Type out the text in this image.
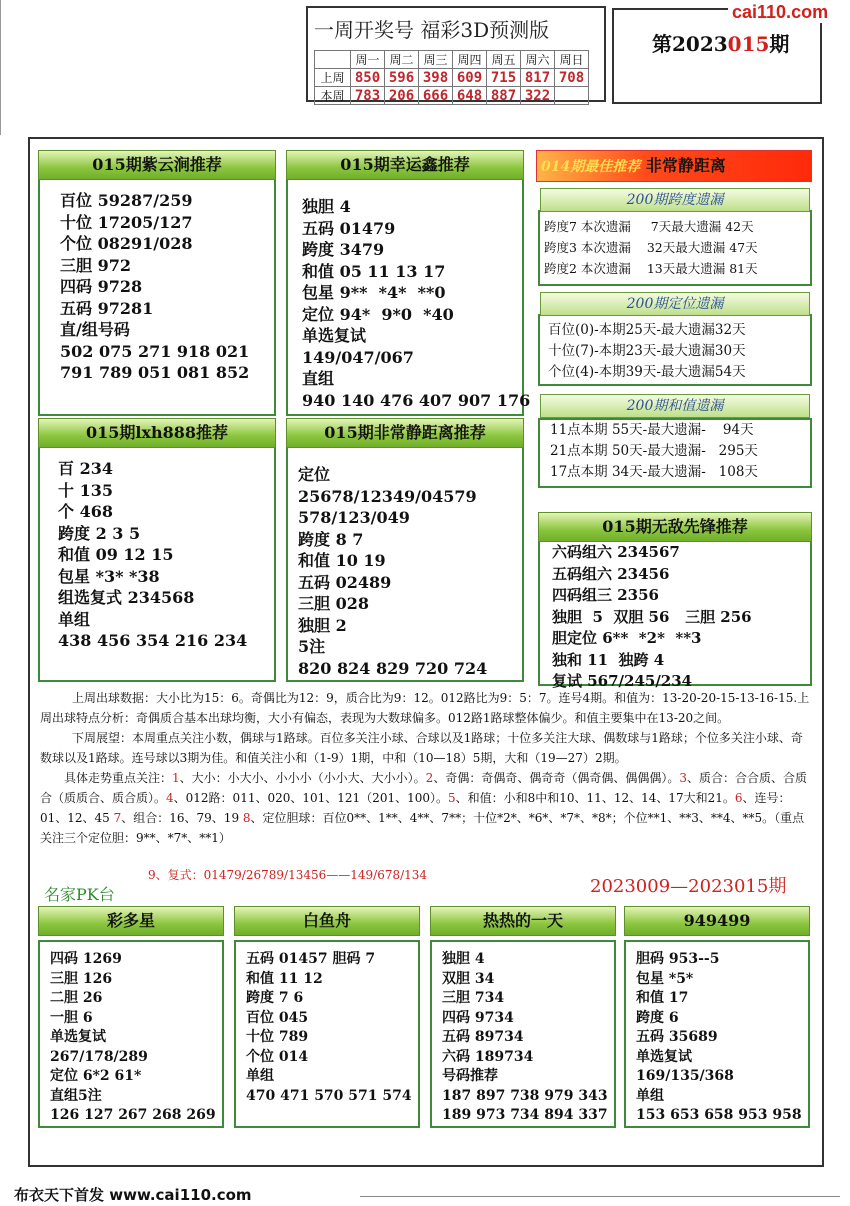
一周开奖号 福彩3D预测版
	周一	周二	周三	周四	周五	周六	周日
上周	850	596	398	609	715	817	708
本周	783	206	666	648	887	322	
第2023015期
cai110.com
015期紫云涧推荐
百位 59287/259
十位 17205/127
个位 08291/028
三胆 972
四码 9728
五码 97281
直/组号码
502 075 271 918 021
791 789 051 081 852
015期幸运鑫推荐
独胆 4
五码 01479
跨度 3479
和值 05 11 13 17
包星 9**  *4*  **0
定位 94*  9*0  *40
单选复试
149/047/067
直组
940 140 476 407 907 176
015期lxh888推荐
百 234
十 135
个 468
跨度 2 3 5
和值 09 12 15
包星 *3* *38
组选复式 234568
单组
438 456 354 216 234
015期非常静距离推荐
定位
25678/12349/04579
578/123/049
跨度 8 7
和值 10 19
五码 02489
三胆 028
独胆 2
5注
820 824 829 720 724
014期最佳推荐 非常静距离
200期跨度遗漏
跨度7 本次遗漏     7天最大遗漏 42天
跨度3 本次遗漏    32天最大遗漏 47天
跨度2 本次遗漏    13天最大遗漏 81天
200期定位遗漏
百位(0)-本期25天-最大遗漏32天
十位(7)-本期23天-最大遗漏30天
个位(4)-本期39天-最大遗漏54天
200期和值遗漏
11点本期 55天-最大遗漏-    94天
21点本期 50天-最大遗漏-   295天
17点本期 34天-最大遗漏-   108天
015期无敌先锋推荐
六码组六 234567
五码组六 23456
四码组三 2356
独胆  5  双胆 56   三胆 256
胆定位 6**  *2*  **3
独和 11  独跨 4
复试 567/245/234

上周出球数据：大小比为15：6。奇偶比为12：9，质合比为9：12。012路比为9：5：7。连号4期。和值为：13-20-20-15-13-16-15.上周出球特点分析：奇偶质合基本出球均衡，大小有偏态，表现为大数球偏多。012路1路球整体偏少。和值主要集中在13-20之间。

下周展望：本周重点关注小数，偶球与1路球。百位多关注小球、合球以及1路球；十位多关注大球、偶数球与1路球；个位多关注小球、奇数球以及1路球。连号球以3期为佳。和值关注小和（1-9）1期，中和（10—18）5期，大和（19—27）2期。

具体走势重点关注：1、大小：小大小、小小小（小小大、大小小）。2、奇偶：奇偶奇、偶奇奇（偶奇偶、偶偶偶）。3、质合：合合质、合质合（质质合、质合质）。4、012路：011、020、101、121（201、100）。5、和值：小和8中和10、11、12、14、17大和21。6、连号：01、12、45 7、组合：16、79、19 8、定位胆球：百位0**、1**、4**、7**；十位*2*、*6*、*7*、*8*；个位**1、**3、**4、**5。（重点关注三个定位胆：9**、*7*、**1）

9、复式：01479/26789/13456——149/678/134
名家PK台	2023009—2023015期
彩多星
四码 1269
三胆 126
二胆 26
一胆 6
单选复试
267/178/289
定位 6*2 61*
直组5注
126 127 267 268 269
白鱼舟
五码 01457 胆码 7
和值 11 12
跨度 7 6
百位 045
十位 789
个位 014
单组
470 471 570 571 574
热热的一天
独胆 4
双胆 34
三胆 734
四码 9734
五码 89734
六码 189734
号码推荐
187 897 738 979 343
189 973 734 894 337
949499
胆码 953--5
包星 *5*
和值 17
跨度 6
五码 35689
单选复试
169/135/368
单组
153 653 658 953 958
布衣天下首发 www.cai110.com
